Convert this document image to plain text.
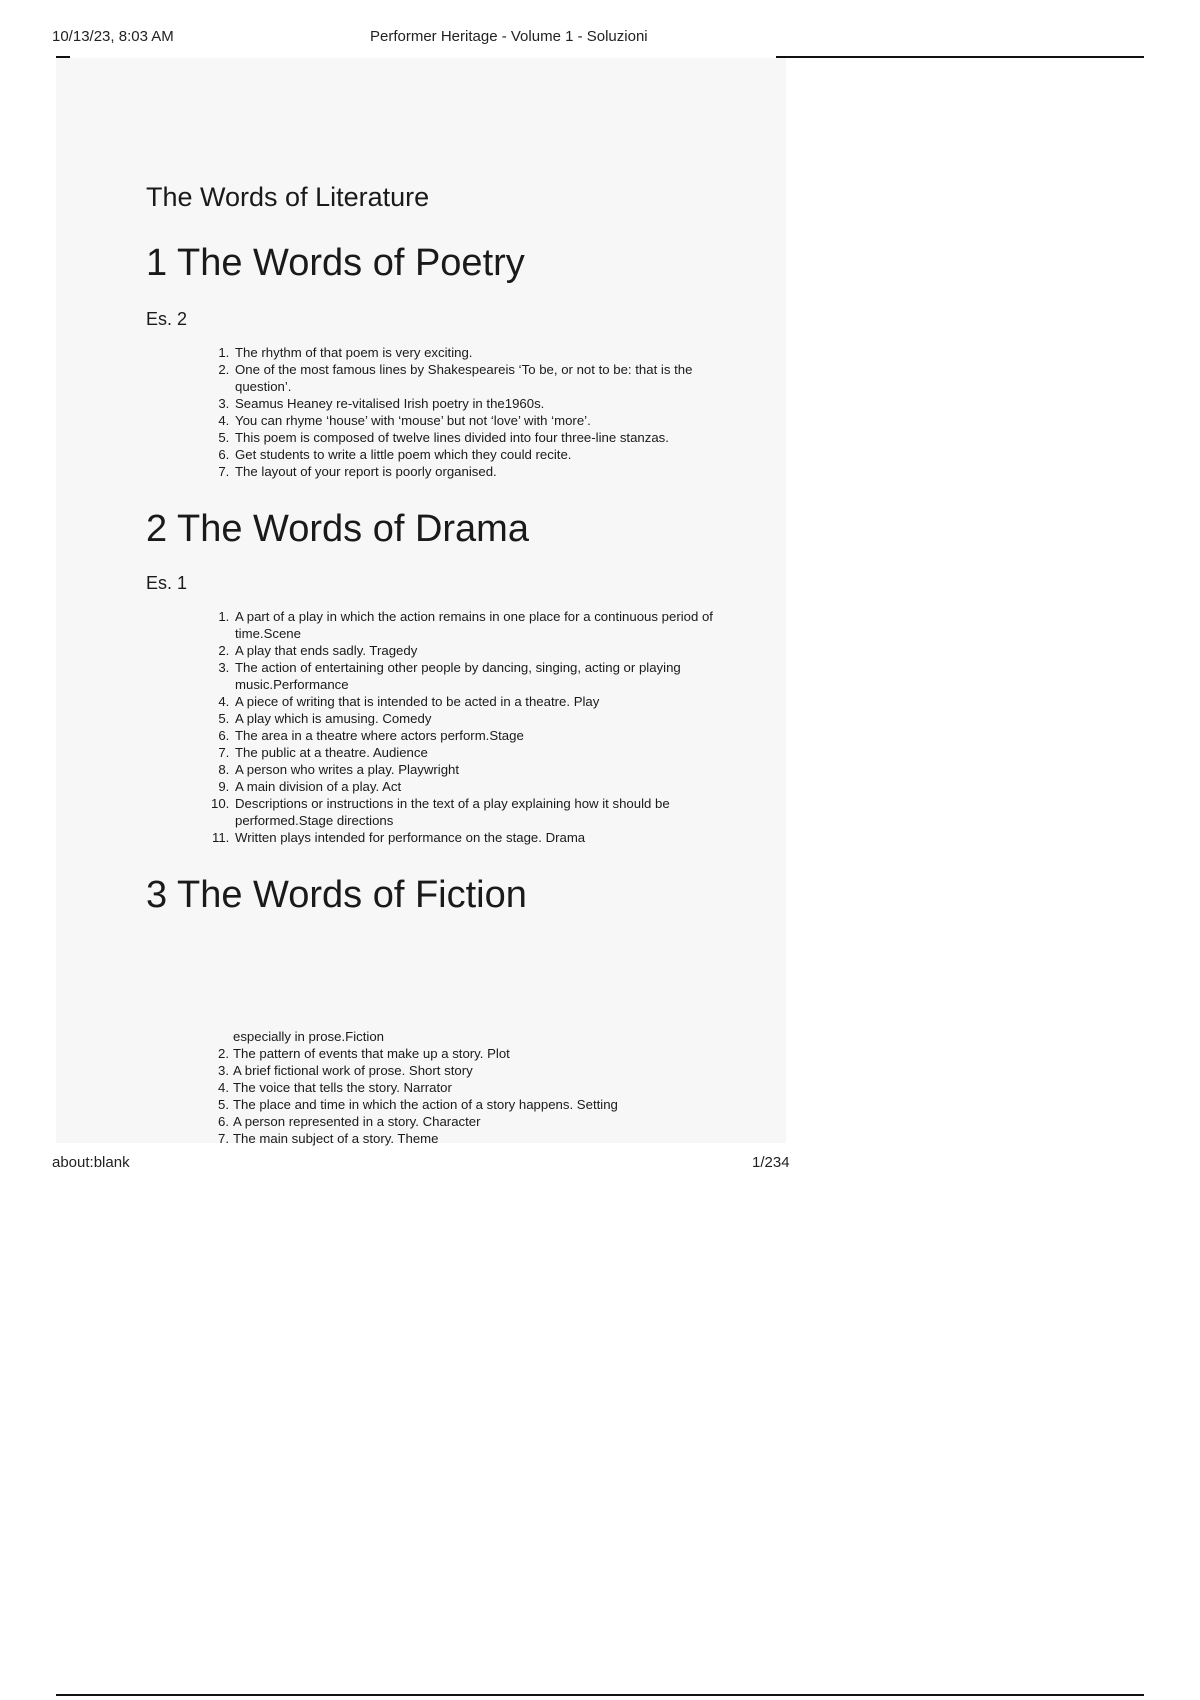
10/13/23, 8:03 AM	Performer Heritage - Volume 1 - Soluzioni
The Words of Literature
1 The Words of Poetry

Es. 2

1. The rhythm of that poem is very exciting.
2. One of the most famous lines by Shakespeareis ‘To be, or not to be: that is the question’.
3. Seamus Heaney re-vitalised Irish poetry in the1960s.
4. You can rhyme ‘house’ with ‘mouse’ but not ‘love’ with ‘more’.
5. This poem is composed of twelve lines divided into four three-line stanzas.
6. Get students to write a little poem which they could recite.
7. The layout of your report is poorly organised.
2 The Words of Drama

Es. 1

1. A part of a play in which the action remains in one place for a continuous period of time.Scene
2. A play that ends sadly. Tragedy
3. The action of entertaining other people by dancing, singing, acting or playing music.Performance
4. A piece of writing that is intended to be acted in a theatre. Play
5. A play which is amusing. Comedy
6. The area in a theatre where actors perform.Stage
7. The public at a theatre. Audience
8. A person who writes a play. Playwright
9. A main division of a play. Act
10. Descriptions or instructions in the text of a play explaining how it should be performed.Stage directions
11. Written plays intended for performance on the stage. Drama
3 The Words of Fiction
especially in prose.Fiction
2. The pattern of events that make up a story. Plot
3. A brief fictional work of prose. Short story
4. The voice that tells the story. Narrator
5. The place and time in which the action of a story happens. Setting
6. A person represented in a story. Character
7. The main subject of a story. Theme
about:blank	1/234
